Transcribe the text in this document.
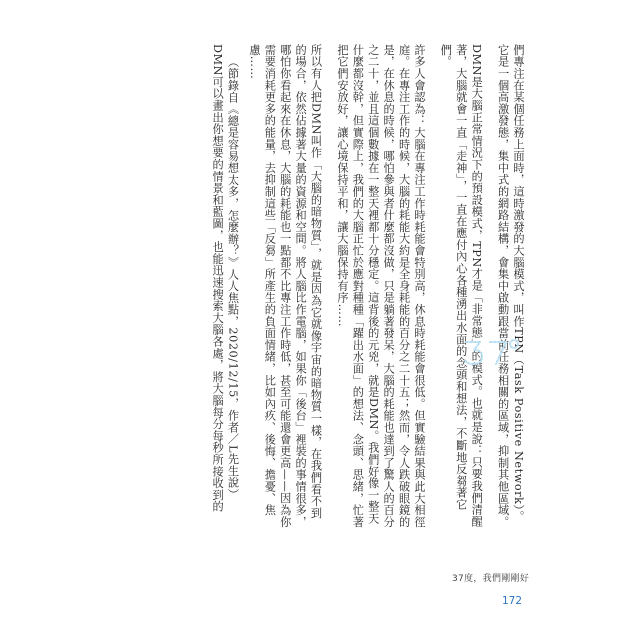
們專注在某個任務上面時，這時激發的大腦模式，叫作TPN（Task Positive Network）。它是一個高激發態，集中式的網路結構，會集中啟動跟當前任務相關的區域，抑制其他區域。

DMN是大腦正常情況下的預設模式，TPN才是「非常態」的模式。也就是說：只要我們清醒著，大腦就會一直「走神」，一直在應付內心各種湧出水面的念頭和想法，不斷地反芻著它們。

許多人會認為：大腦在專注工作時耗能會特別高，休息時耗能會很低。但實驗結果與此大相徑庭。在專注工作的時候，大腦的耗能大約是全身耗能的百分之二十五；然而，令人跌破眼鏡的是，在休息的時候，哪怕參與者什麼都沒做，只是躺著發呆，大腦的耗能也達到了驚人的百分之二十，並且這個數據在一整天裡都十分穩定。這背後的元兇，就是DMN。我們好像一整天什麼都沒幹，但實際上，我們的大腦正忙於應對種種「躍出水面」的想法、念頭、思緒，忙著把它們安放好，讓心境保持平和，讓大腦保持有序……

所以有人把DMN叫作「大腦的暗物質」，就是因為它就像宇宙的暗物質一樣，在我們看不到的場合，依然佔據著大量的資源和空間。將人腦比作電腦，如果你「後台」裡裝的事情很多，哪怕你看起來在休息，大腦的耗能也一點都不比專注工作時低，甚至可能還會更高——因為你需要消耗更多的能量，去抑制這些「反芻」所產生的負面情緒，比如內疚、後悔、擔憂、焦慮……

（節錄自《總是容易想太多，怎麼辦？》人人焦點，2020/12/15，作者／L先生說）

DMN可以畫出你想要的情景和藍圖，也能迅速搜索大腦各處，將大腦每分每秒所接收到的

37度，我們剛剛好
172
